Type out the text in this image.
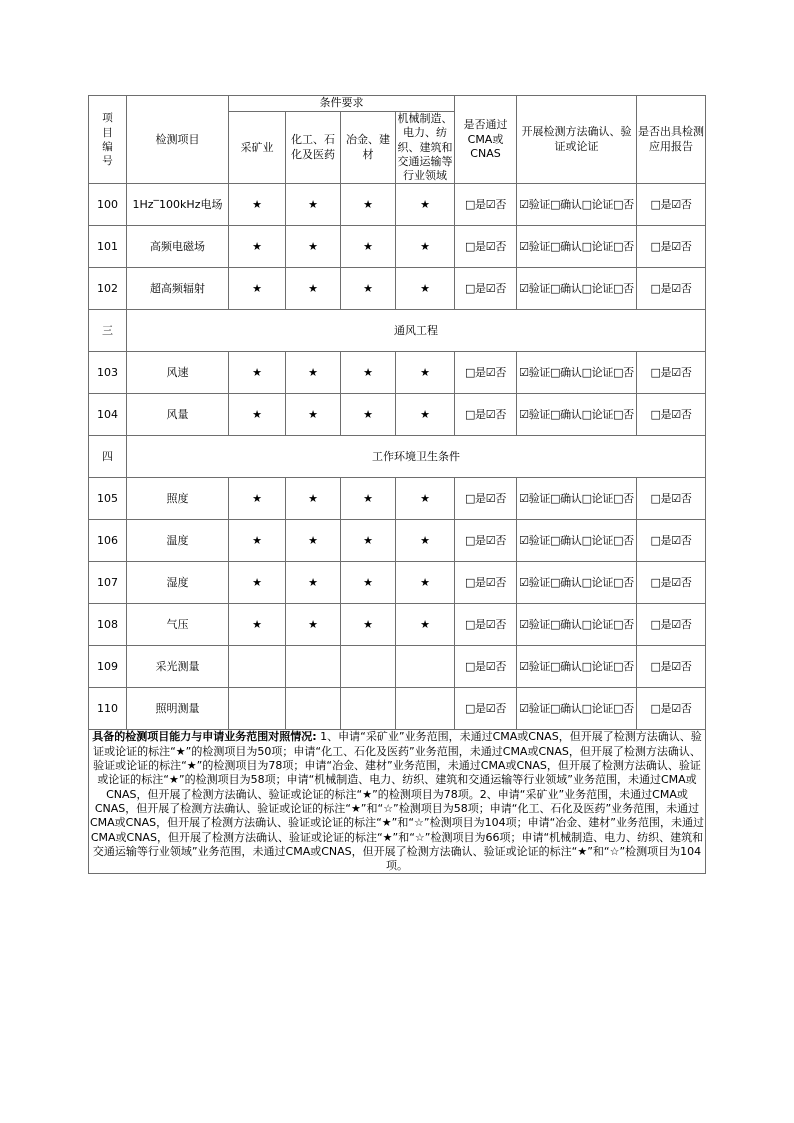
项目编号	检测项目	条件要求				是否通过CMA或CNAS	开展检测方法确认、验证或论证	是否出具检测应用报告
		采矿业	化工、石化及医药	冶金、建材	机械制造、电力、纺织、建筑和交通运输等行业领域			
100	1Hz‾100kHz电场	★	★	★	★	□是☑否	☑验证□确认□论证□否	□是☑否
101	高频电磁场	★	★	★	★	□是☑否	☑验证□确认□论证□否	□是☑否
102	超高频辐射	★	★	★	★	□是☑否	☑验证□确认□论证□否	□是☑否
三	通风工程							
103	风速	★	★	★	★	□是☑否	☑验证□确认□论证□否	□是☑否
104	风量	★	★	★	★	□是☑否	☑验证□确认□论证□否	□是☑否
四	工作环境卫生条件							
105	照度	★	★	★	★	□是☑否	☑验证□确认□论证□否	□是☑否
106	温度	★	★	★	★	□是☑否	☑验证□确认□论证□否	□是☑否
107	湿度	★	★	★	★	□是☑否	☑验证□确认□论证□否	□是☑否
108	气压	★	★	★	★	□是☑否	☑验证□确认□论证□否	□是☑否
109	采光测量					□是☑否	☑验证□确认□论证□否	□是☑否
110	照明测量					□是☑否	☑验证□确认□论证□否	□是☑否
具备的检测项目能力与申请业务范围对照情况: 1、申请“采矿业”业务范围，未通过CMA或CNAS，但开展了检测方法确认、验证或论证的标注“★”的检测项目为50项；申请“化工、石化及医药”业务范围，未通过CMA或CNAS，但开展了检测方法确认、验证或论证的标注“★”的检测项目为78项；申请“冶金、建材”业务范围，未通过CMA或CNAS，但开展了检测方法确认、验证或论证的标注“★”的检测项目为58项；申请“机械制造、电力、纺织、建筑和交通运输等行业领域”业务范围，未通过CMA或CNAS，但开展了检测方法确认、验证或论证的标注“★”的检测项目为78项。2、申请“采矿业”业务范围，未通过CMA或CNAS，但开展了检测方法确认、验证或论证的标注“★”和“☆”检测项目为58项；申请“化工、石化及医药”业务范围，未通过CMA或CNAS，但开展了检测方法确认、验证或论证的标注“★”和“☆”检测项目为104项；申请“冶金、建材”业务范围，未通过CMA或CNAS，但开展了检测方法确认、验证或论证的标注“★”和“☆”检测项目为66项；申请“机械制造、电力、纺织、建筑和交通运输等行业领域”业务范围，未通过CMA或CNAS，但开展了检测方法确认、验证或论证的标注“★”和“☆”检测项目为104项。								
